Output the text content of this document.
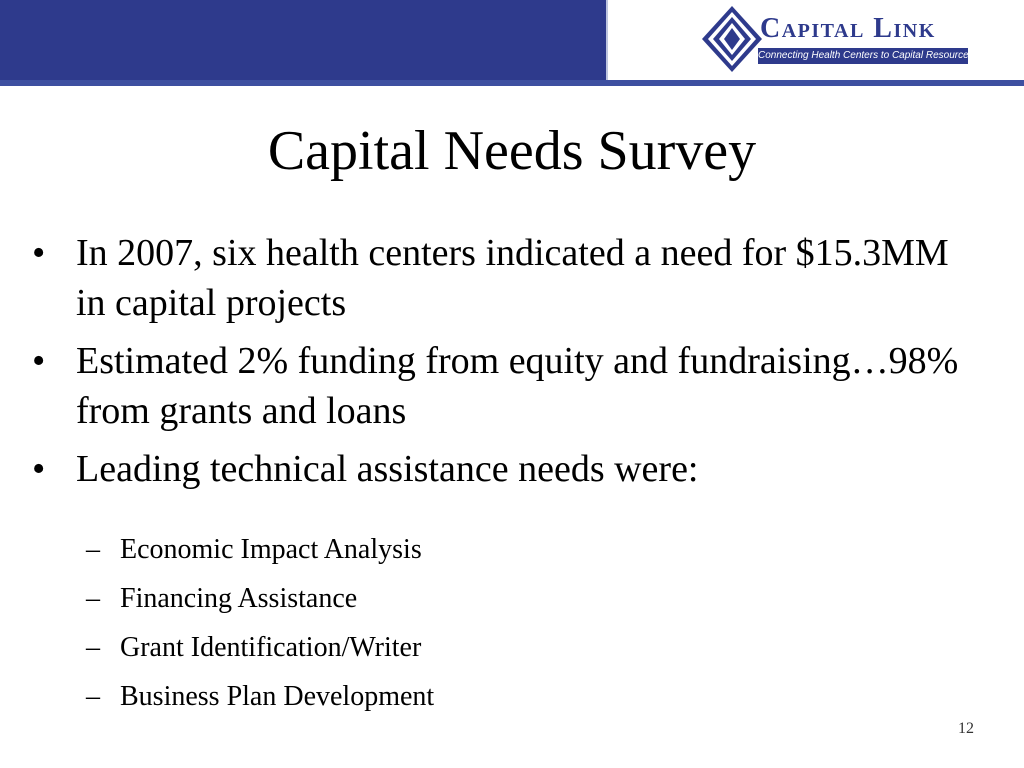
Capital Link
Connecting Health Centers to Capital Resources
Capital Needs Survey
• In 2007, six health centers indicated a need for $15.3MM in capital projects
• Estimated 2% funding from equity and fundraising…98% from grants and loans
• Leading technical assistance needs were:
– Economic Impact Analysis
– Financing Assistance
– Grant Identification/Writer
– Business Plan Development
12
